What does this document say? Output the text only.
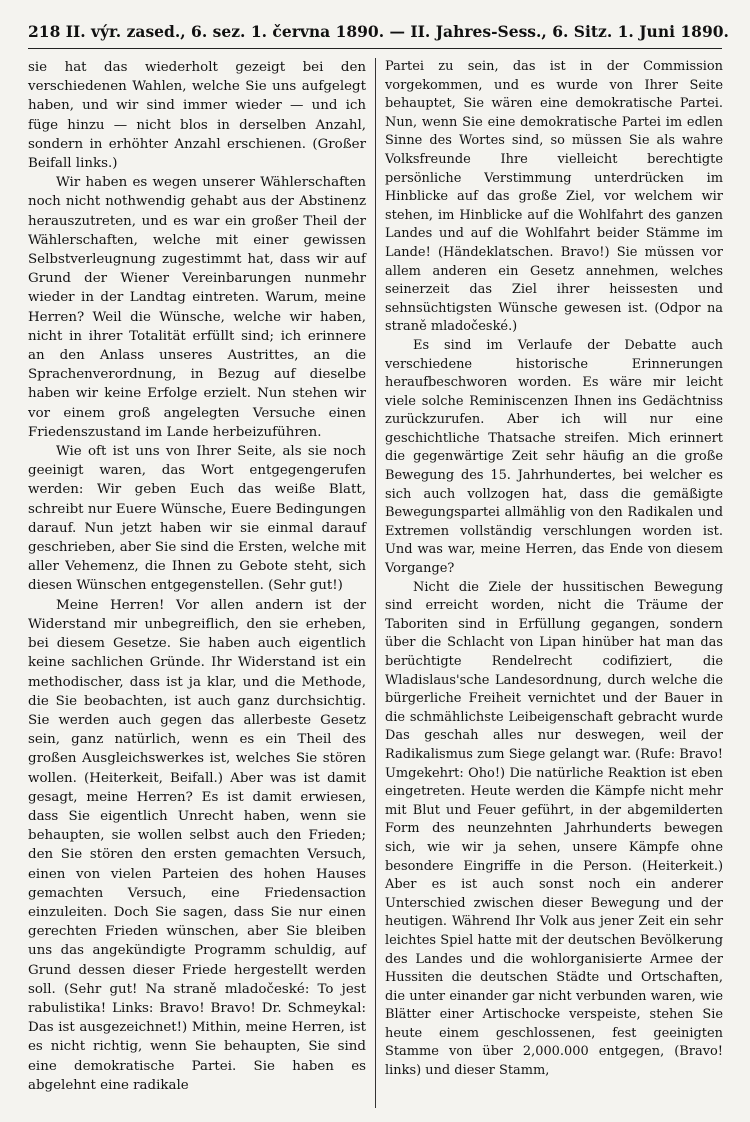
218 II. výr. zased., 6. sez. 1. června 1890. — II. Jahres-Sess., 6. Sitz. 1. Juni 1890.

sie hat das wiederholt gezeigt bei den verschiedenen Wahlen, welche Sie uns aufgelegt haben, und wir sind immer wieder — und ich füge hinzu — nicht blos in derselben Anzahl, sondern in erhöhter Anzahl erschienen. (Großer Beifall links.)

Wir haben es wegen unserer Wählerschaften noch nicht nothwendig gehabt aus der Abstinenz herauszutreten, und es war ein großer Theil der Wählerschaften, welche mit einer gewissen Selbstverleugnung zugestimmt hat, dass wir auf Grund der Wiener Vereinbarungen nunmehr wieder in der Landtag eintreten. Warum, meine Herren? Weil die Wünsche, welche wir haben, nicht in ihrer Totalität erfüllt sind; ich erinnere an den Anlass unseres Austrittes, an die Sprachenverordnung, in Bezug auf dieselbe haben wir keine Erfolge erzielt. Nun stehen wir vor einem groß angelegten Versuche einen Friedenszustand im Lande herbeizuführen.

Wie oft ist uns von Ihrer Seite, als sie noch geeinigt waren, das Wort entgegengerufen werden: Wir geben Euch das weiße Blatt, schreibt nur Euere Wünsche, Euere Bedingungen darauf. Nun jetzt haben wir sie einmal darauf geschrieben, aber Sie sind die Ersten, welche mit aller Vehemenz, die Ihnen zu Gebote steht, sich diesen Wünschen entgegenstellen. (Sehr gut!)

Meine Herren! Vor allen andern ist der Widerstand mir unbegreiflich, den sie erheben, bei diesem Gesetze. Sie haben auch eigentlich keine sachlichen Gründe. Ihr Widerstand ist ein methodischer, dass ist ja klar, und die Methode, die Sie beobachten, ist auch ganz durchsichtig. Sie werden auch gegen das allerbeste Gesetz sein, ganz natürlich, wenn es ein Theil des großen Ausgleichswerkes ist, welches Sie stören wollen. (Heiterkeit, Beifall.) Aber was ist damit gesagt, meine Herren? Es ist damit erwiesen, dass Sie eigentlich Unrecht haben, wenn sie behaupten, sie wollen selbst auch den Frieden; den Sie stören den ersten gemachten Versuch, einen von vielen Parteien des hohen Hauses gemachten Versuch, eine Friedensaction einzuleiten. Doch Sie sagen, dass Sie nur einen gerechten Frieden wünschen, aber Sie bleiben uns das angekündigte Programm schuldig, auf Grund dessen dieser Friede hergestellt werden soll. (Sehr gut! Na straně mladočeské: To jest rabulistika! Links: Bravo! Bravo! Dr. Schmeykal: Das ist ausgezeichnet!) Mithin, meine Herren, ist es nicht richtig, wenn Sie behaupten, Sie sind eine demokratische Partei. Sie haben es abgelehnt eine radikale

Partei zu sein, das ist in der Commission vorgekommen, und es wurde von Ihrer Seite behauptet, Sie wären eine demokratische Partei. Nun, wenn Sie eine demokratische Partei im edlen Sinne des Wortes sind, so müssen Sie als wahre Volksfreunde Ihre vielleicht berechtigte persönliche Verstimmung unterdrücken im Hinblicke auf das große Ziel, vor welchem wir stehen, im Hinblicke auf die Wohlfahrt des ganzen Landes und auf die Wohlfahrt beider Stämme im Lande! (Händeklatschen. Bravo!) Sie müssen vor allem anderen ein Gesetz annehmen, welches seinerzeit das Ziel ihrer heissesten und sehnsüchtigsten Wünsche gewesen ist. (Odpor na straně mladočeské.)

Es sind im Verlaufe der Debatte auch verschiedene historische Erinnerungen heraufbeschworen worden. Es wäre mir leicht viele solche Reminiscenzen Ihnen ins Gedächtniss zurückzurufen. Aber ich will nur eine geschichtliche Thatsache streifen. Mich erinnert die gegenwärtige Zeit sehr häufig an die große Bewegung des 15. Jahrhundertes, bei welcher es sich auch vollzogen hat, dass die gemäßigte Bewegungspartei allmählig von den Radikalen und Extremen vollständig verschlungen worden ist. Und was war, meine Herren, das Ende von diesem Vorgange?

Nicht die Ziele der hussitischen Bewegung sind erreicht worden, nicht die Träume der Taboriten sind in Erfüllung gegangen, sondern über die Schlacht von Lipan hinüber hat man das berüchtigte Rendelrecht codifiziert, die Wladislaus'sche Landesordnung, durch welche die bürgerliche Freiheit vernichtet und der Bauer in die schmählichste Leibeigenschaft gebracht wurde Das geschah alles nur deswegen, weil der Radikalismus zum Siege gelangt war. (Rufe: Bravo! Umgekehrt: Oho!) Die natürliche Reaktion ist eben eingetreten. Heute werden die Kämpfe nicht mehr mit Blut und Feuer geführt, in der abgemilderten Form des neunzehnten Jahrhunderts bewegen sich, wie wir ja sehen, unsere Kämpfe ohne besondere Eingriffe in die Person. (Heiterkeit.) Aber es ist auch sonst noch ein anderer Unterschied zwischen dieser Bewegung und der heutigen. Während Ihr Volk aus jener Zeit ein sehr leichtes Spiel hatte mit der deutschen Bevölkerung des Landes und die wohlorganisierte Armee der Hussiten die deutschen Städte und Ortschaften, die unter einander gar nicht verbunden waren, wie Blätter einer Artischocke verspeiste, stehen Sie heute einem geschlossenen, fest geeinigten Stamme von über 2,000.000 entgegen, (Bravo! links) und dieser Stamm,
